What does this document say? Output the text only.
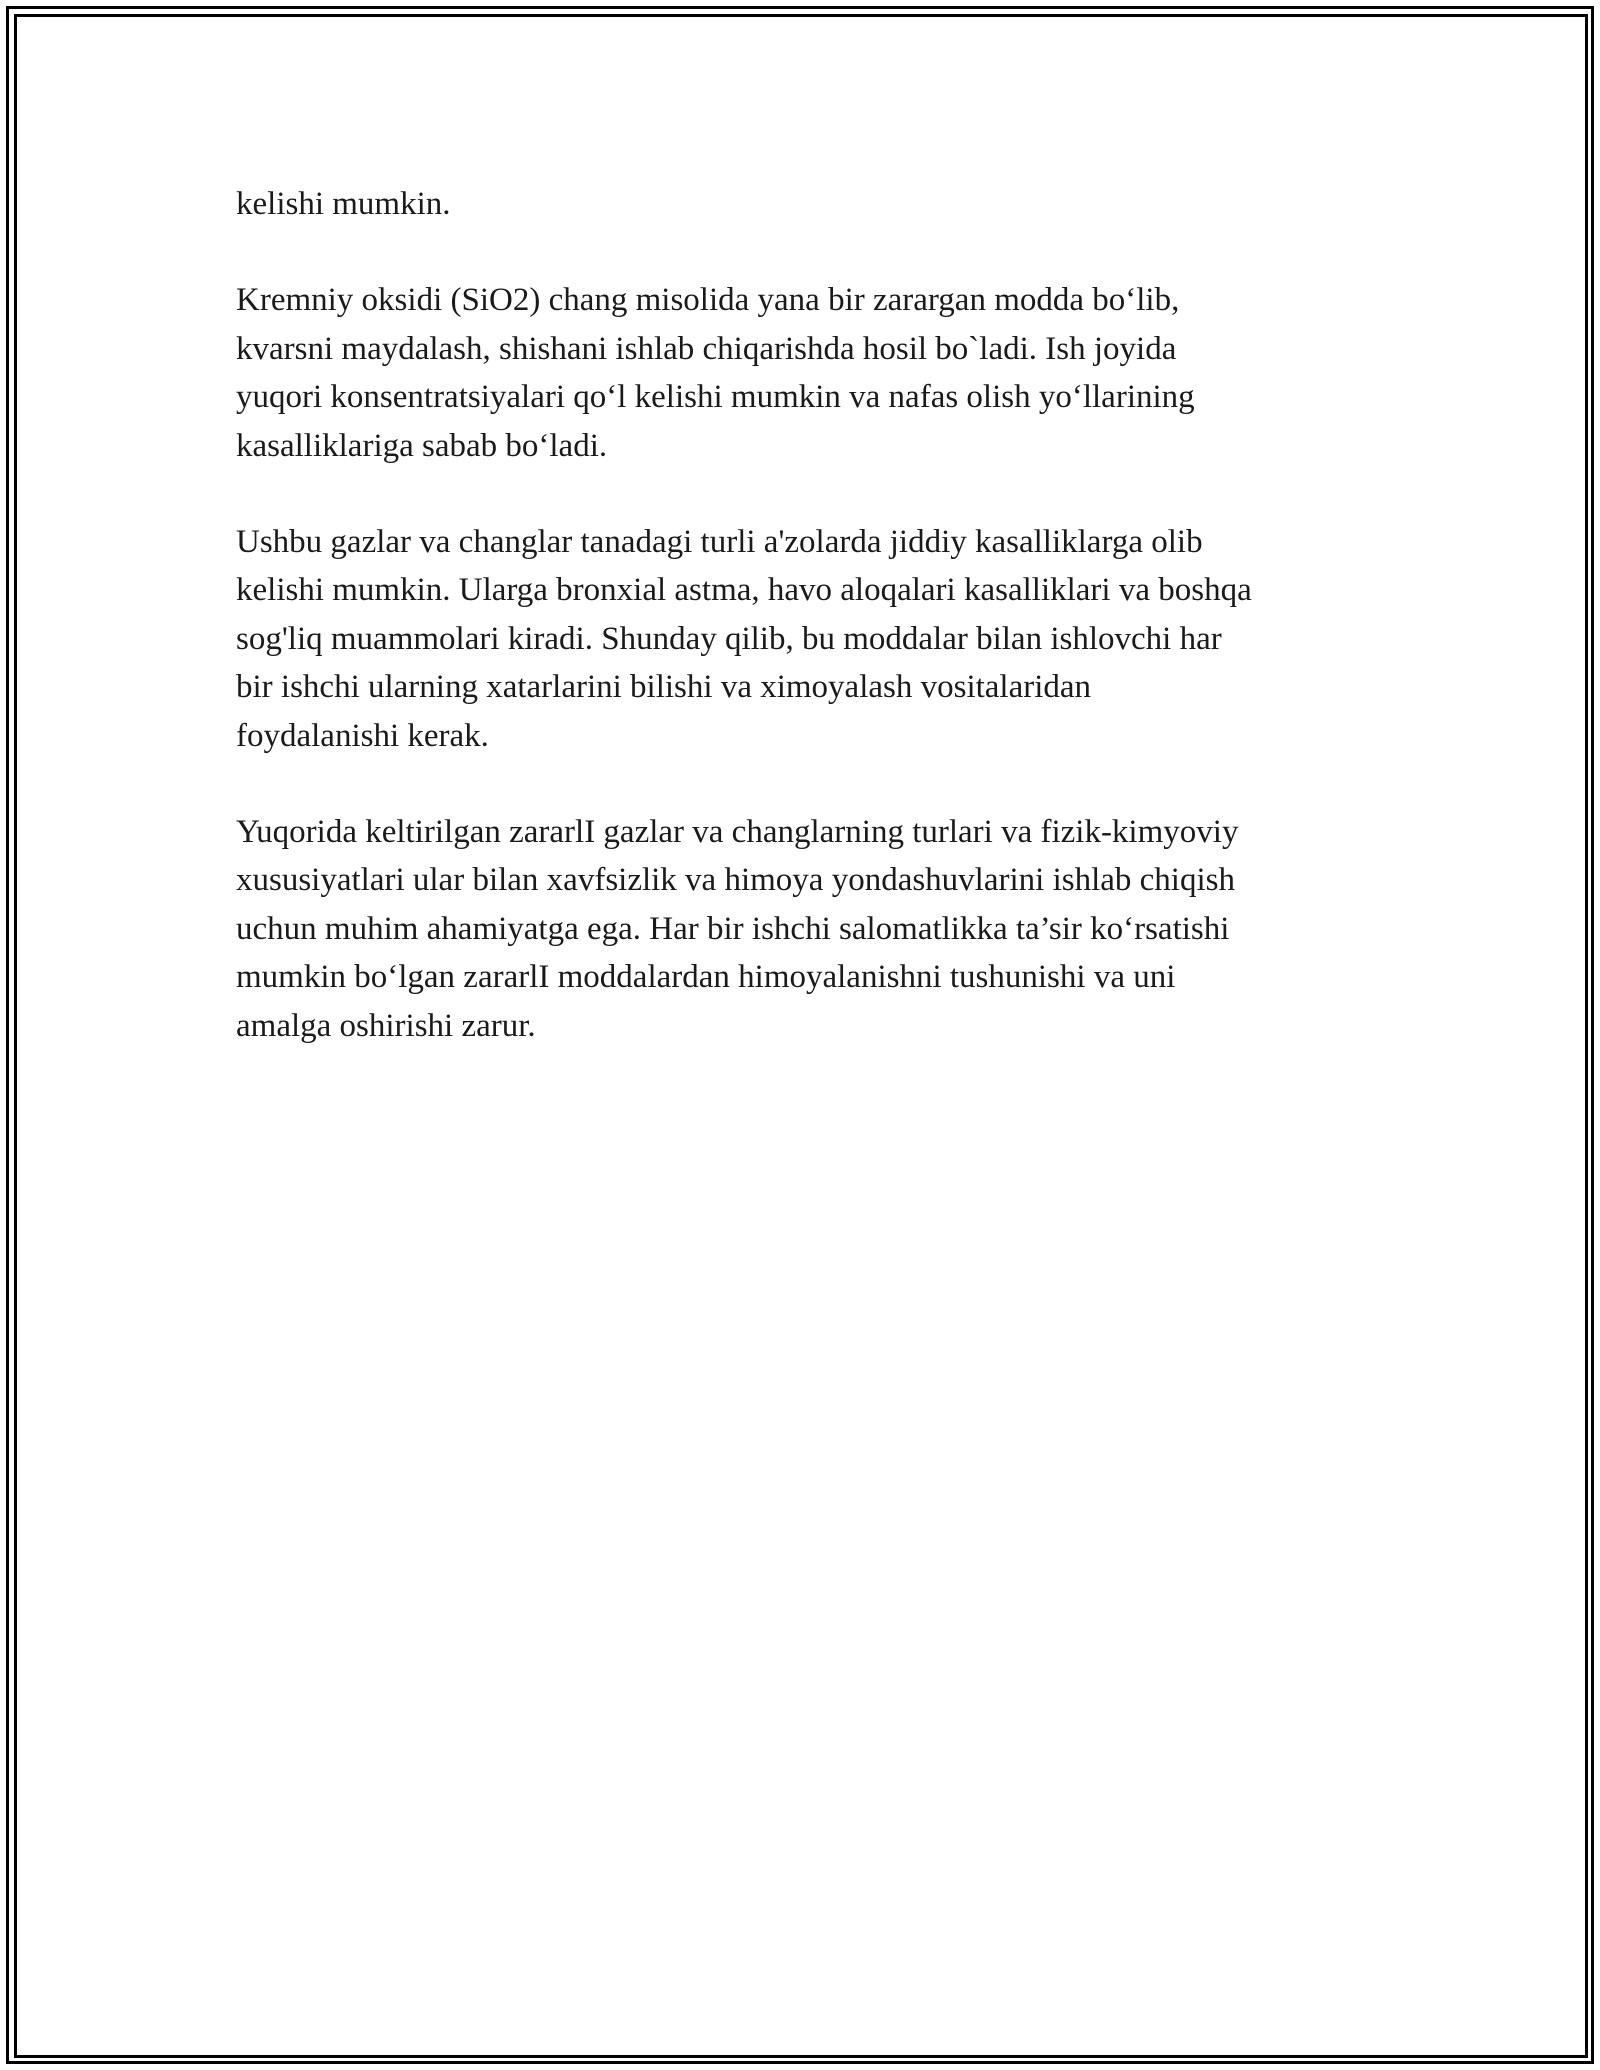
kelishi mumkin.

Kremniy oksidi (SiO2) chang misolida yana bir zarargan modda bo‘lib,
kvarsni maydalash, shishani ishlab chiqarishda hosil bo`ladi. Ish joyida
yuqori konsentratsiyalari qo‘l kelishi mumkin va nafas olish yo‘llarining
kasalliklariga sabab bo‘ladi.

Ushbu gazlar va changlar tanadagi turli a'zolarda jiddiy kasalliklarga olib
kelishi mumkin. Ularga bronxial astma, havo aloqalari kasalliklari va boshqa
sog'liq muammolari kiradi. Shunday qilib, bu moddalar bilan ishlovchi har
bir ishchi ularning xatarlarini bilishi va ximoyalash vositalaridan
foydalanishi kerak.

Yuqorida keltirilgan zararlI gazlar va changlarning turlari va fizik-kimyoviy
xususiyatlari ular bilan xavfsizlik va himoya yondashuvlarini ishlab chiqish
uchun muhim ahamiyatga ega. Har bir ishchi salomatlikka ta’sir ko‘rsatishi
mumkin bo‘lgan zararlI moddalardan himoyalanishni tushunishi va uni
amalga oshirishi zarur.
